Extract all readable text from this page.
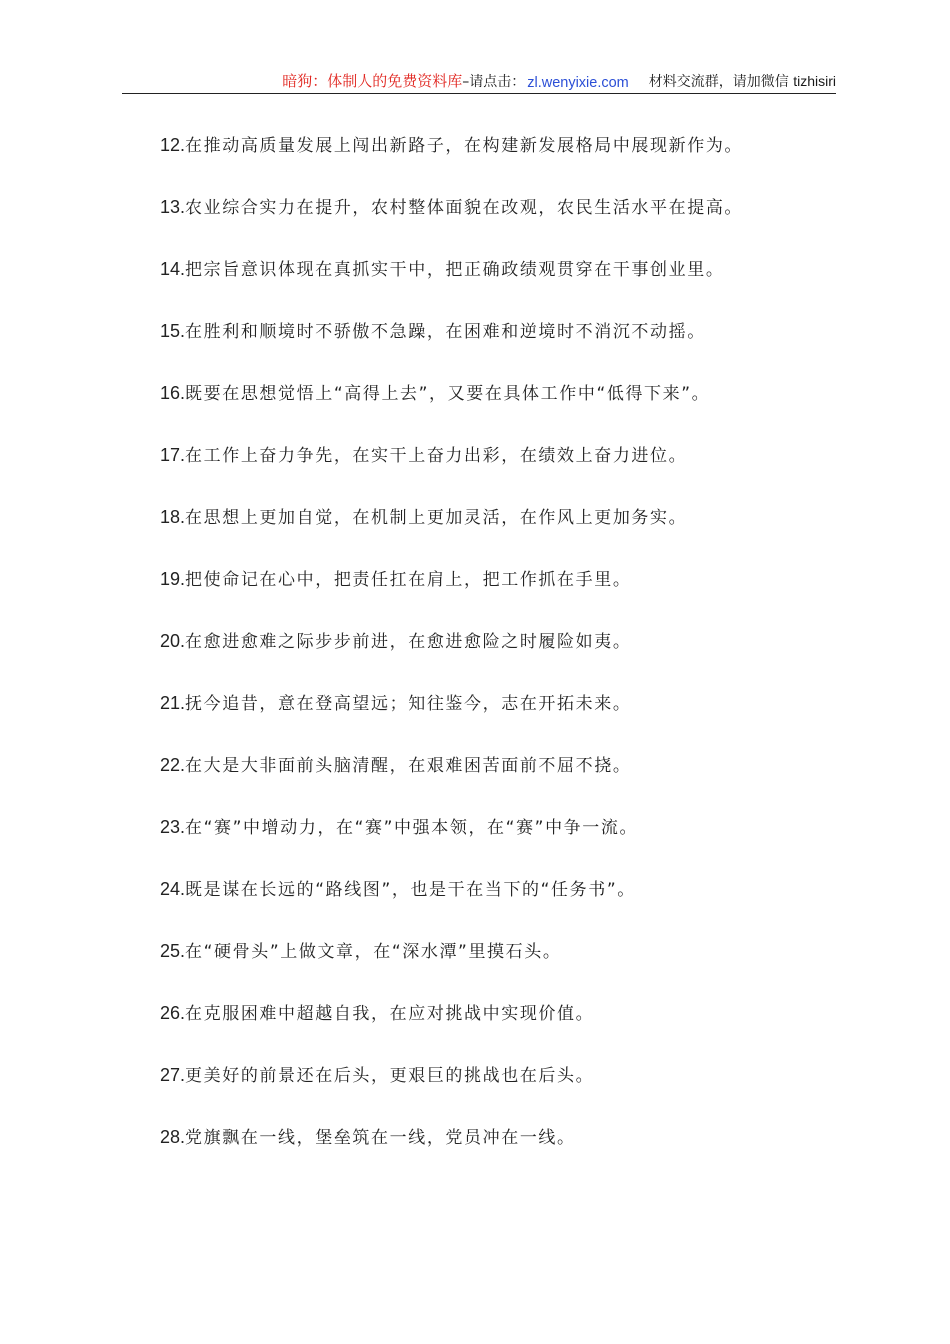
暗狗：体制人的免费资料库 –请点击： zl.wenyixie.com 材料交流群，请加微信 tizhisiri
12.在推动高质量发展上闯出新路子，在构建新发展格局中展现新作为。
13.农业综合实力在提升，农村整体面貌在改观，农民生活水平在提高。
14.把宗旨意识体现在真抓实干中，把正确政绩观贯穿在干事创业里。
15.在胜利和顺境时不骄傲不急躁，在困难和逆境时不消沉不动摇。
16.既要在思想觉悟上“高得上去”，又要在具体工作中“低得下来”。
17.在工作上奋力争先，在实干上奋力出彩，在绩效上奋力进位。
18.在思想上更加自觉，在机制上更加灵活，在作风上更加务实。
19.把使命记在心中，把责任扛在肩上，把工作抓在手里。
20.在愈进愈难之际步步前进，在愈进愈险之时履险如夷。
21.抚今追昔，意在登高望远；知往鉴今，志在开拓未来。
22.在大是大非面前头脑清醒，在艰难困苦面前不屈不挠。
23.在“赛”中增动力，在“赛”中强本领，在“赛”中争一流。
24.既是谋在长远的“路线图”，也是干在当下的“任务书”。
25.在“硬骨头”上做文章，在“深水潭”里摸石头。
26.在克服困难中超越自我，在应对挑战中实现价值。
27.更美好的前景还在后头，更艰巨的挑战也在后头。
28.党旗飘在一线，堡垒筑在一线，党员冲在一线。
